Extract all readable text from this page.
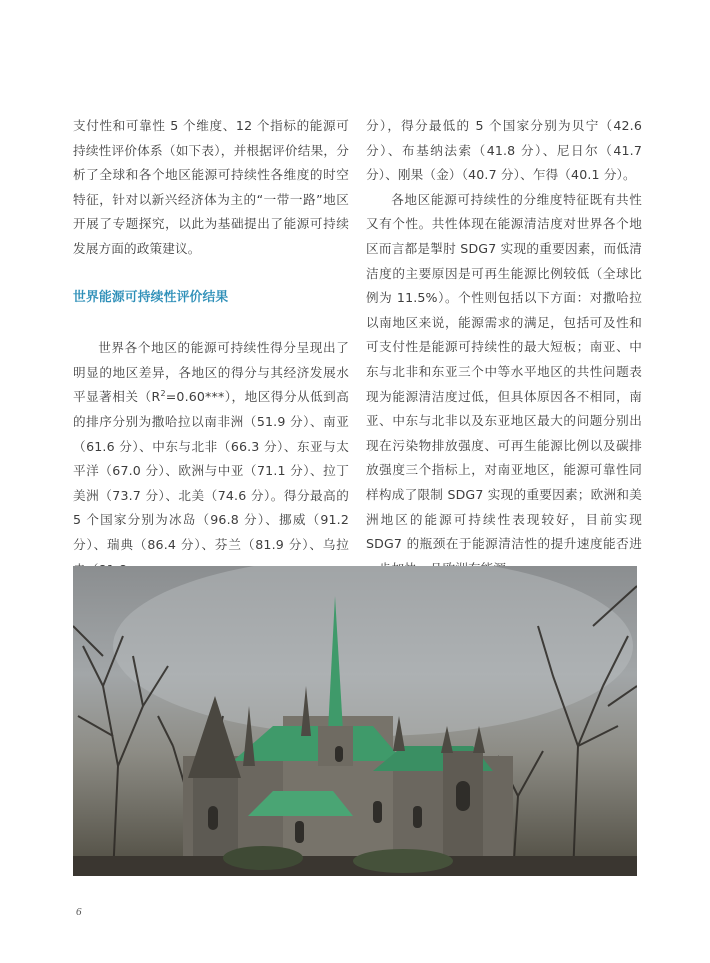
支付性和可靠性 5 个维度、12 个指标的能源可持续性评价体系（如下表），并根据评价结果，分析了全球和各个地区能源可持续性各维度的时空特征，针对以新兴经济体为主的“一带一路”地区开展了专题探究，以此为基础提出了能源可持续发展方面的政策建议。

世界能源可持续性评价结果

世界各个地区的能源可持续性得分呈现出了明显的地区差异，各地区的得分与其经济发展水平显著相关$(R^2=0.60***)$，地区得分从低到高的排序分别为撒哈拉以南非洲（51.9 分）、南亚（61.6 分）、中东与北非（66.3 分）、东亚与太平洋（67.0 分）、欧洲与中亚（71.1 分）、拉丁美洲（73.7 分）、北美（74.6 分）。得分最高的 5 个国家分别为冰岛（96.8 分）、挪威（91.2 分）、瑞典（86.4 分）、芬兰（81.9 分）、乌拉

分），得分最低的 5 个国家分别为贝宁（42.6 分）、布基纳法索（41.8 分）、尼日尔（41.7 分）、刚果（金）（40.7 分）、乍得（40.1 分）。

各地区能源可持续性的分维度特征既有共性又有个性。共性体现在能源清洁度对世界各个地区而言都是掣肘 SDG7 实现的重要因素，而低清洁度的主要原因是可再生能源比例较低（全球比例为 11.5%）。个性则包括以下方面：对撒哈拉以南地区来说，能源需求的满足，包括可及性和可支付性是能源可持续性的最大短板；南亚、中东与北非和东亚三个中等水平地区的共性问题表现为能源清洁度过低，但具体原因各不相同，南亚、中东与北非以及东亚地区最大的问题分别出现在污染物排放强度、可再生能源比例以及碳排放强度三个指标上，对南亚地区，能源可靠性同样构成了限制 SDG7 实现的重要因素；欧洲和美洲地区的能源可持续性表现较好，目前实现 SDG7 的瓶颈在于能源清洁性的提升速度能否进

6
